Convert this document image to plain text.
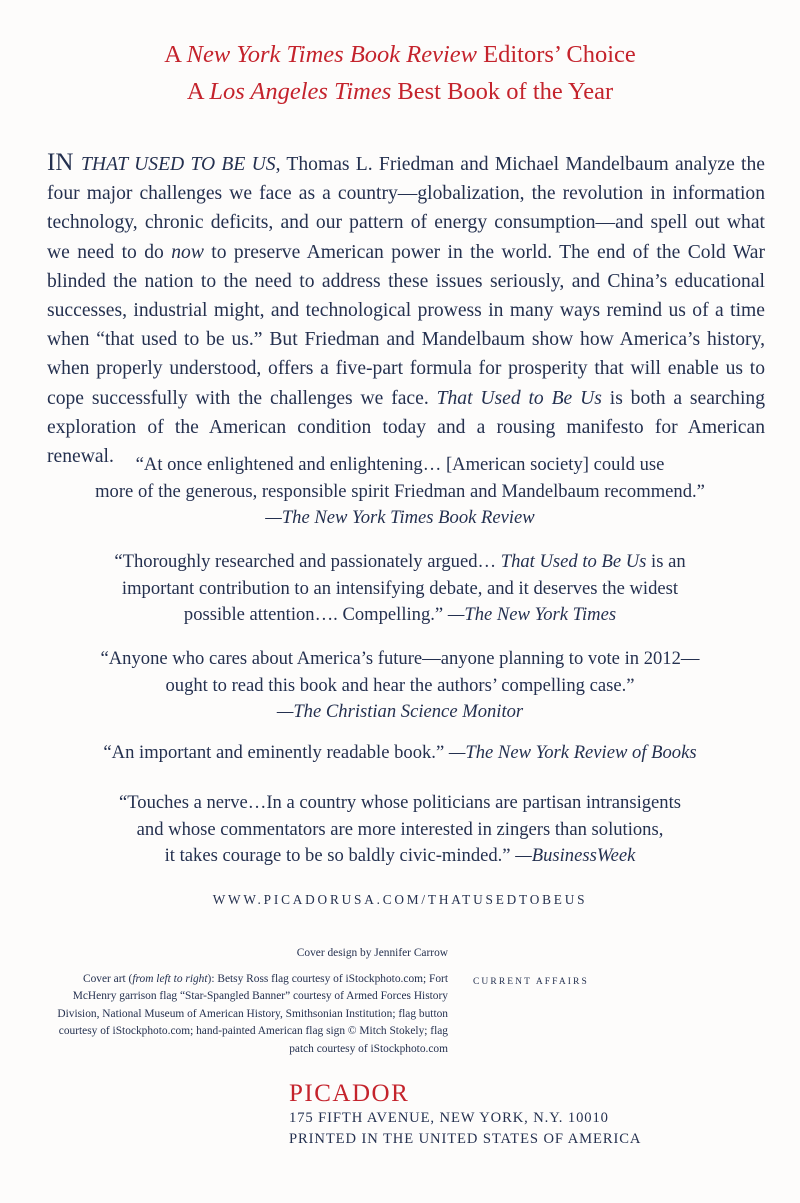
A New York Times Book Review Editors’ Choice
A Los Angeles Times Best Book of the Year
IN THAT USED TO BE US, Thomas L. Friedman and Michael Mandelbaum analyze the four major challenges we face as a country—globalization, the revolution in information technology, chronic deficits, and our pattern of energy consumption—and spell out what we need to do now to preserve American power in the world. The end of the Cold War blinded the nation to the need to address these issues seriously, and China’s educational successes, industrial might, and technological prowess in many ways remind us of a time when “that used to be us.” But Friedman and Mandelbaum show how America’s history, when properly understood, offers a five-part formula for prosperity that will enable us to cope successfully with the challenges we face. That Used to Be Us is both a searching exploration of the American condition today and a rousing manifesto for American renewal.	“At once enlightened and enlightening… [American society] could use
more of the generous, responsible spirit Friedman and Mandelbaum recommend.”
—The New York Times Book Review
“Thoroughly researched and passionately argued… That Used to Be Us is an
important contribution to an intensifying debate, and it deserves the widest
possible attention…. Compelling.” —The New York Times
“Anyone who cares about America’s future—anyone planning to vote in 2012—
ought to read this book and hear the authors’ compelling case.”
—The Christian Science Monitor
“An important and eminently readable book.” —The New York Review of Books
“Touches a nerve…In a country whose politicians are partisan intransigents
and whose commentators are more interested in zingers than solutions,
it takes courage to be so baldly civic-minded.” —BusinessWeek
WWW.PICADORUSA.COM/THATUSEDTOBEUS
Cover design by Jennifer Carrow
Cover art (from left to right): Betsy Ross flag courtesy of iStockphoto.com; Fort McHenry garrison flag “Star-Spangled Banner” courtesy of Armed Forces History Division, National Museum of American History, Smithsonian Institution; flag button courtesy of iStockphoto.com; hand-painted American flag sign © Mitch Stokely; flag patch courtesy of iStockphoto.com
CURRENT AFFAIRS
PICADOR
175 FIFTH AVENUE, NEW YORK, N.Y. 10010
PRINTED IN THE UNITED STATES OF AMERICA
